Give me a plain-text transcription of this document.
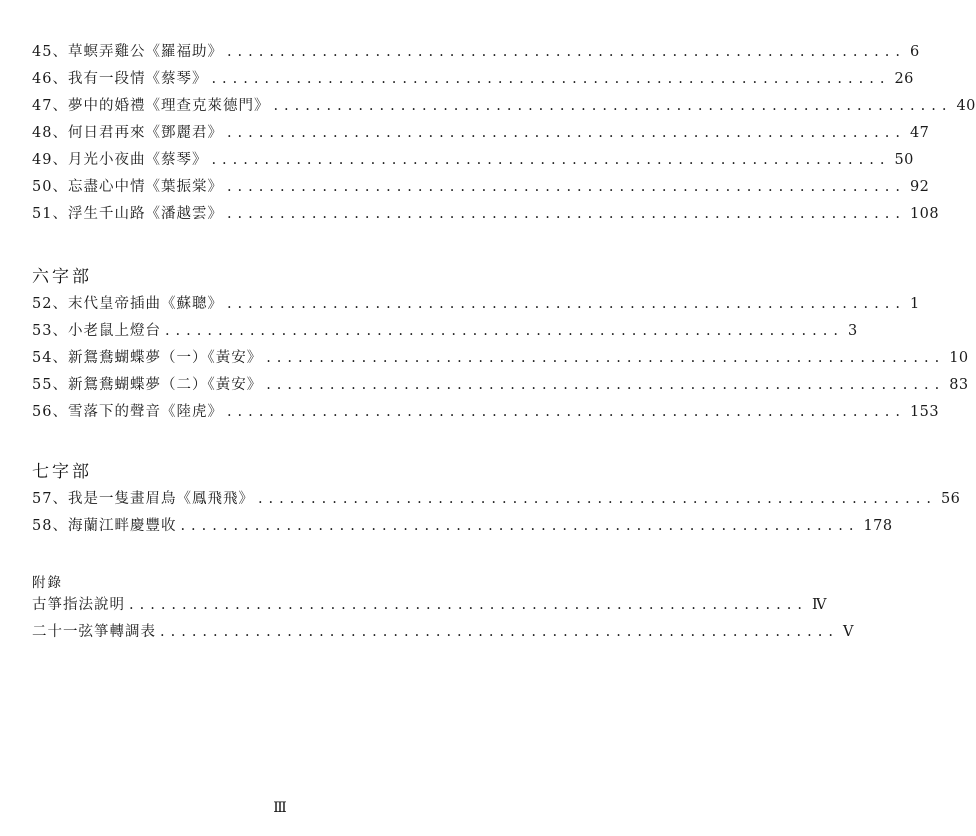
45、草螟弄雞公《羅福助》 ................................................................ 6
46、我有一段情《蔡琴》 ................................................................ 26
47、夢中的婚禮《理查克萊德門》 ................................................................ 40
48、何日君再來《鄧麗君》 ................................................................ 47
49、月光小夜曲《蔡琴》 ................................................................ 50
50、忘盡心中情《葉振棠》 ................................................................ 92
51、浮生千山路《潘越雲》 ................................................................ 108
六字部
52、末代皇帝插曲《蘇聰》 ................................................................ 1
53、小老鼠上燈台 ................................................................ 3
54、新鴛鴦蝴蝶夢（一）《黃安》 ................................................................ 10
55、新鴛鴦蝴蝶夢（二）《黃安》 ................................................................ 83
56、雪落下的聲音《陸虎》 ................................................................ 153
七字部
57、我是一隻畫眉鳥《鳳飛飛》 ................................................................ 56
58、海蘭江畔慶豐收 ................................................................ 178
附錄
古箏指法說明 ................................................................ Ⅳ
二十一弦箏轉調表 ................................................................ Ⅴ
Ⅲ
